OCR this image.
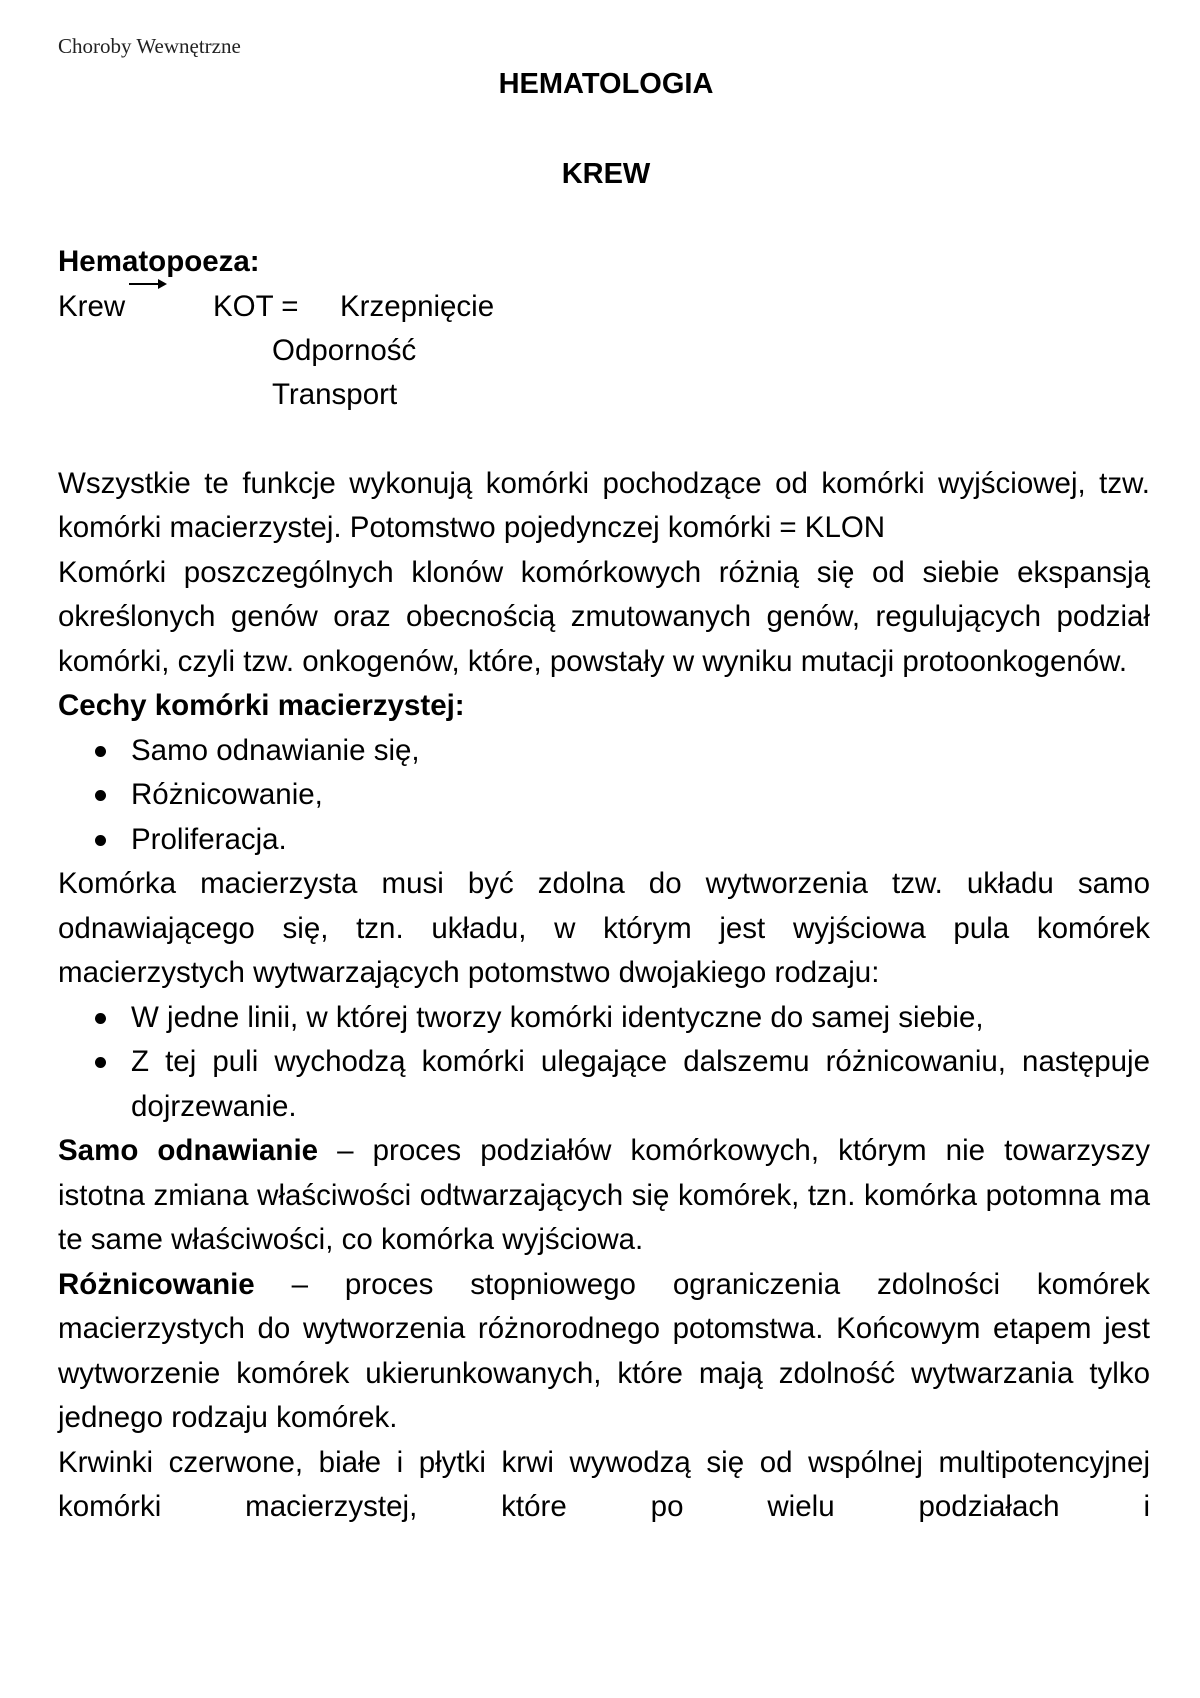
Choroby Wewnętrzne
HEMATOLOGIA
KREW

Hematopoeza:

Krew	KOT = Krzepnięcie
Odporność
Transport

Wszystkie te funkcje wykonują komórki pochodzące od komórki wyjściowej, tzw. komórki macierzystej. Potomstwo pojedynczej komórki = KLON

Komórki poszczególnych klonów komórkowych różnią się od siebie ekspansją określonych genów oraz obecnością zmutowanych genów, regulujących podział komórki, czyli tzw. onkogenów, które, powstały w wyniku mutacji protoonkogenów.

Cechy komórki macierzystej:

Samo odnawianie się,
Różnicowanie,
Proliferacja.

Komórka macierzysta musi być zdolna do wytworzenia tzw. układu samo odnawiającego się, tzn. układu, w którym jest wyjściowa pula komórek macierzystych wytwarzających potomstwo dwojakiego rodzaju:

W jedne linii, w której tworzy komórki identyczne do samej siebie,
Z tej puli wychodzą komórki ulegające dalszemu różnicowaniu, następuje dojrzewanie.

Samo odnawianie – proces podziałów komórkowych, którym nie towarzyszy istotna zmiana właściwości odtwarzających się komórek, tzn. komórka potomna ma te same właściwości, co komórka wyjściowa.

Różnicowanie – proces stopniowego ograniczenia zdolności komórek macierzystych do wytworzenia różnorodnego potomstwa. Końcowym etapem jest wytworzenie komórek ukierunkowanych, które mają zdolność wytwarzania tylko jednego rodzaju komórek.

Krwinki czerwone, białe i płytki krwi wywodzą się od wspólnej multipotencyjnej komórki macierzystej, które po wielu podziałach i
